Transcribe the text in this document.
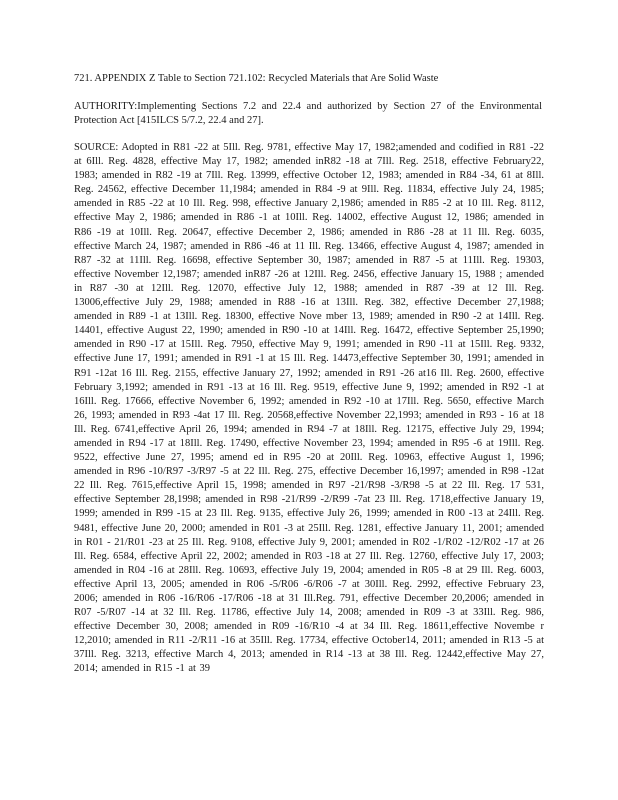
721. APPENDIX Z Table to Section 721.102: Recycled Materials that Are Solid Waste
AUTHORITY:Implementing Sections 7.2 and 22.4 and authorized by Section 27 of the Environmental Protection Act [415ILCS 5/7.2, 22.4 and 27].
SOURCE: Adopted in R81 -22 at 5Ill. Reg. 9781, effective May 17, 1982;amended and codified in R81 -22 at 6Ill. Reg. 4828, effective May 17, 1982; amended inR82 -18 at 7Ill. Reg. 2518, effective February22, 1983; amended in R82 -19 at 7Ill. Reg. 13999, effective October 12, 1983; amended in R84 -34, 61 at 8Ill. Reg. 24562, effective December 11,1984; amended in R84 -9 at 9Ill. Reg. 11834, effective July 24, 1985; amended in R85 -22 at 10 Ill. Reg. 998, effective January 2,1986; amended in R85 -2 at 10 Ill. Reg. 8112, effective May 2, 1986; amended in R86 -1 at 10Ill. Reg. 14002, effective August 12, 1986; amended in R86 -19 at 10Ill. Reg. 20647, effective December 2, 1986; amended in R86 -28 at 11 Ill. Reg. 6035, effective March 24, 1987; amended in R86 -46 at 11 Ill. Reg. 13466, effective August 4, 1987; amended in R87 -32 at 11Ill. Reg. 16698, effective September 30, 1987; amended in R87 -5 at 11Ill. Reg. 19303, effective November 12,1987; amended inR87 -26 at 12Ill. Reg. 2456, effective January 15, 1988 ; amended in R87 -30 at 12Ill. Reg. 12070, effective July 12, 1988; amended in R87 -39 at 12 Ill. Reg. 13006,effective July 29, 1988; amended in R88 -16 at 13Ill. Reg. 382, effective December 27,1988; amended in R89 -1 at 13Ill. Reg. 18300, effective Nove mber 13, 1989; amended in R90 -2 at 14Ill. Reg. 14401, effective August 22, 1990; amended in R90 -10 at 14Ill. Reg. 16472, effective September 25,1990; amended in R90 -17 at 15Ill. Reg. 7950, effective May 9, 1991; amended in R90 -11 at 15Ill. Reg. 9332, effective June 17, 1991; amended in R91 -1 at 15 Ill. Reg. 14473,effective September 30, 1991; amended in R91 -12at 16 Ill. Reg. 2155, effective January 27, 1992; amended in R91 -26 at16 Ill. Reg. 2600, effective February 3,1992; amended in R91 -13 at 16 Ill. Reg. 9519, effective June 9, 1992; amended in R92 -1 at 16Ill. Reg. 17666, effective November 6, 1992; amended in R92 -10 at 17Ill. Reg. 5650, effective March 26, 1993; amended in R93 -4at 17 Ill. Reg. 20568,effective November 22,1993; amended in R93 - 16 at 18 Ill. Reg. 6741,effective April 26, 1994; amended in R94 -7 at 18Ill. Reg. 12175, effective July 29, 1994; amended in R94 -17 at 18Ill. Reg. 17490, effective November 23, 1994; amended in R95 -6 at 19Ill. Reg. 9522, effective June 27, 1995; amend ed in R95 -20 at 20Ill. Reg. 10963, effective August 1, 1996; amended in R96 -10/R97 -3/R97 -5 at 22 Ill. Reg. 275, effective December 16,1997; amended in R98 -12at 22 Ill. Reg. 7615,effective April 15, 1998; amended in R97 -21/R98 -3/R98 -5 at 22 Ill. Reg. 17 531, effective September 28,1998; amended in R98 -21/R99 -2/R99 -7at 23 Ill. Reg. 1718,effective January 19, 1999; amended in R99 -15 at 23 Ill. Reg. 9135, effective July 26, 1999; amended in R00 -13 at 24Ill. Reg. 9481, effective June 20, 2000; amended in R01 -3 at 25Ill. Reg. 1281, effective January 11, 2001; amended in R01 - 21/R01 -23 at 25 Ill. Reg. 9108, effective July 9, 2001; amended in R02 -1/R02 -12/R02 -17 at 26 Ill. Reg. 6584, effective April 22, 2002; amended in R03 -18 at 27 Ill. Reg. 12760, effective July 17, 2003; amended in R04 -16 at 28Ill. Reg. 10693, effective July 19, 2004; amended in R05 -8 at 29 Ill. Reg. 6003, effective April 13, 2005; amended in R06 -5/R06 -6/R06 -7 at 30Ill. Reg. 2992, effective February 23, 2006; amended in R06 -16/R06 -17/R06 -18 at 31 Ill.Reg. 791, effective December 20,2006; amended in R07 -5/R07 -14 at 32 Ill. Reg. 11786, effective July 14, 2008; amended in R09 -3 at 33Ill. Reg. 986, effective December 30, 2008; amended in R09 -16/R10 -4 at 34 Ill. Reg. 18611,effective Novembe r 12,2010; amended in R11 -2/R11 -16 at 35Ill. Reg. 17734, effective October14, 2011; amended in R13 -5 at 37Ill. Reg. 3213, effective March 4, 2013; amended in R14 -13 at 38 Ill. Reg. 12442,effective May 27, 2014; amended in R15 -1 at 39
